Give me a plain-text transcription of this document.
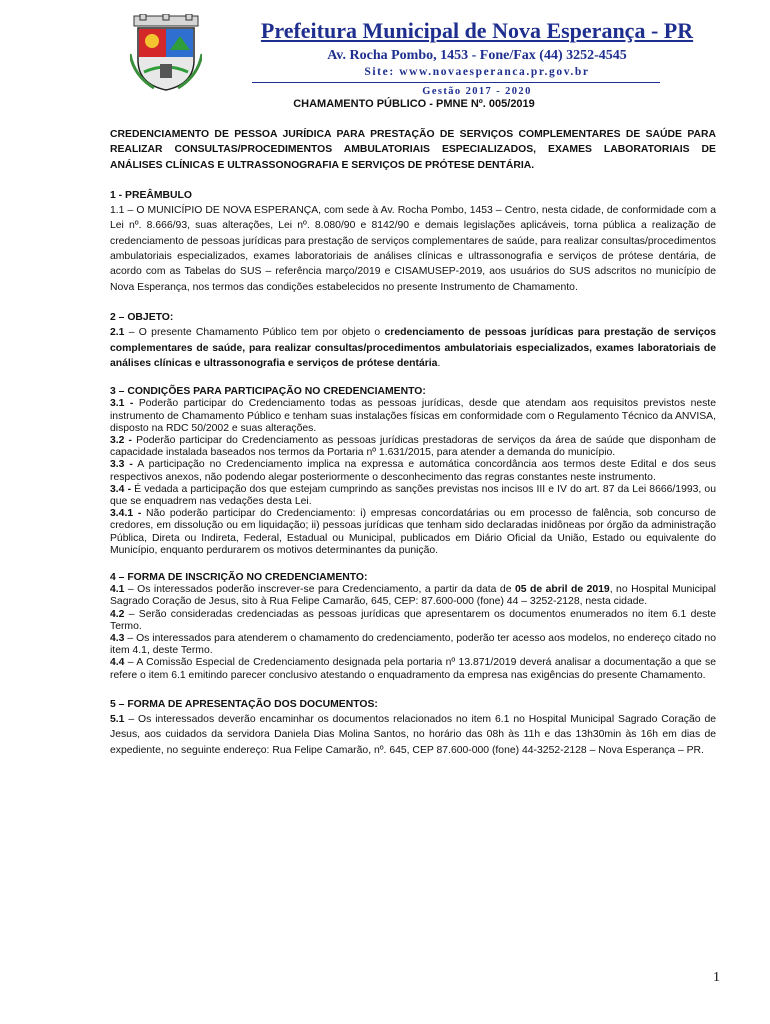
Prefeitura Municipal de Nova Esperança - PR
Av. Rocha Pombo, 1453 - Fone/Fax (44) 3252-4545
Site: www.novaesperanca.pr.gov.br
Gestão 2017 - 2020
CHAMAMENTO PÚBLICO - PMNE Nº. 005/2019

CREDENCIAMENTO DE PESSOA JURÍDICA PARA PRESTAÇÃO DE SERVIÇOS COMPLEMENTARES DE SAÚDE PARA REALIZAR CONSULTAS/PROCEDIMENTOS AMBULATORIAIS ESPECIALIZADOS, EXAMES LABORATORIAIS DE ANÁLISES CLÍNICAS E ULTRASSONOGRAFIA E SERVIÇOS DE PRÓTESE DENTÁRIA.

1 - PREÂMBULO

1.1 – O MUNICÍPIO DE NOVA ESPERANÇA, com sede à Av. Rocha Pombo, 1453 – Centro, nesta cidade, de conformidade com a Lei nº. 8.666/93, suas alterações, Lei nº. 8.080/90 e 8142/90 e demais legislações aplicáveis, torna pública a realização de credenciamento de pessoas jurídicas para prestação de serviços complementares de saúde, para realizar consultas/procedimentos ambulatoriais especializados, exames laboratoriais de análises clínicas e ultrassonografia e serviços de prótese dentária, de acordo com as Tabelas do SUS – referência março/2019 e CISAMUSEP-2019, aos usuários do SUS adscritos no município de Nova Esperança, nos termos das condições estabelecidos no presente Instrumento de Chamamento.

2 – OBJETO:

2.1 – O presente Chamamento Público tem por objeto o credenciamento de pessoas jurídicas para prestação de serviços complementares de saúde, para realizar consultas/procedimentos ambulatoriais especializados, exames laboratoriais de análises clínicas e ultrassonografia e serviços de prótese dentária.

3 – CONDIÇÕES PARA PARTICIPAÇÃO NO CREDENCIAMENTO:

3.1 - Poderão participar do Credenciamento todas as pessoas jurídicas, desde que atendam aos requisitos previstos neste instrumento de Chamamento Público e tenham suas instalações físicas em conformidade com o Regulamento Técnico da ANVISA, disposto na RDC 50/2002 e suas alterações.

3.2 - Poderão participar do Credenciamento as pessoas jurídicas prestadoras de serviços da área de saúde que disponham de capacidade instalada baseados nos termos da Portaria nº 1.631/2015, para atender a demanda do município.

3.3 - A participação no Credenciamento implica na expressa e automática concordância aos termos deste Edital e dos seus respectivos anexos, não podendo alegar posteriormente o desconhecimento das regras constantes neste instrumento.

3.4 - É vedada a participação dos que estejam cumprindo as sanções previstas nos incisos III e IV do art. 87 da Lei 8666/1993, ou que se enquadrem nas vedações desta Lei.

3.4.1 - Não poderão participar do Credenciamento: i) empresas concordatárias ou em processo de falência, sob concurso de credores, em dissolução ou em liquidação; ii) pessoas jurídicas que tenham sido declaradas inidôneas por órgão da administração Pública, Direta ou Indireta, Federal, Estadual ou Municipal, publicados em Diário Oficial da União, Estado ou equivalente do Município, enquanto perdurarem os motivos determinantes da punição.

4 – FORMA DE INSCRIÇÃO NO CREDENCIAMENTO:

4.1 – Os interessados poderão inscrever-se para Credenciamento, a partir da data de 05 de abril de 2019, no Hospital Municipal Sagrado Coração de Jesus, sito à Rua Felipe Camarão, 645, CEP: 87.600-000 (fone) 44 – 3252-2128, nesta cidade.

4.2 – Serão consideradas credenciadas as pessoas jurídicas que apresentarem os documentos enumerados no item 6.1 deste Termo.

4.3 – Os interessados para atenderem o chamamento do credenciamento, poderão ter acesso aos modelos, no endereço citado no item 4.1, deste Termo.

4.4 – A Comissão Especial de Credenciamento designada pela portaria nº 13.871/2019 deverá analisar a documentação a que se refere o item 6.1 emitindo parecer conclusivo atestando o enquadramento da empresa nas exigências do presente Chamamento.

5 – FORMA DE APRESENTAÇÃO DOS DOCUMENTOS:

5.1 – Os interessados deverão encaminhar os documentos relacionados no item 6.1 no Hospital Municipal Sagrado Coração de Jesus, aos cuidados da servidora Daniela Dias Molina Santos, no horário das 08h às 11h e das 13h30min às 16h em dias de expediente, no seguinte endereço: Rua Felipe Camarão, nº. 645, CEP 87.600-000 (fone) 44-3252-2128 – Nova Esperança – PR.

1
